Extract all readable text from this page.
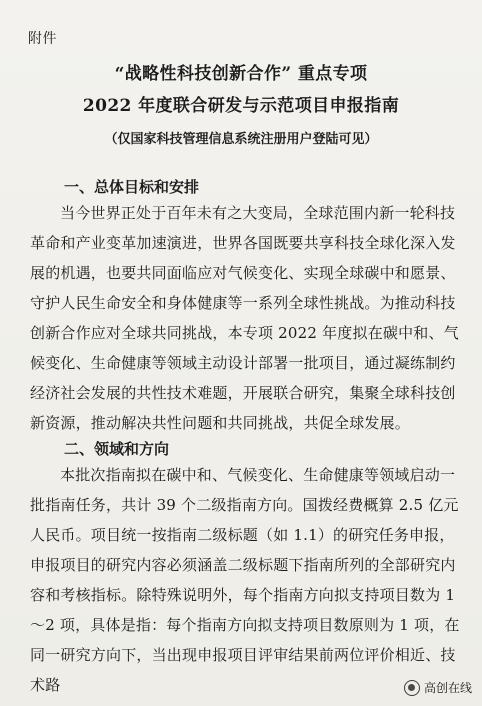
附件
“战略性科技创新合作” 重点专项
2022 年度联合研发与示范项目申报指南
（仅国家科技管理信息系统注册用户登陆可见）
一、总体目标和安排
当今世界正处于百年未有之大变局，全球范围内新一轮科技革命和产业变革加速演进，世界各国既要共享科技全球化深入发展的机遇，也要共同面临应对气候变化、实现全球碳中和愿景、守护人民生命安全和身体健康等一系列全球性挑战。为推动科技创新合作应对全球共同挑战，本专项 2022 年度拟在碳中和、气候变化、生命健康等领域主动设计部署一批项目，通过凝练制约经济社会发展的共性技术难题，开展联合研究，集聚全球科技创新资源，推动解决共性问题和共同挑战，共促全球发展。
二、领域和方向
本批次指南拟在碳中和、气候变化、生命健康等领域启动一批指南任务，共计 39 个二级指南方向。国拨经费概算 2.5 亿元人民币。项目统一按指南二级标题（如 1.1）的研究任务申报，申报项目的研究内容必须涵盖二级标题下指南所列的全部研究内容和考核指标。除特殊说明外，每个指南方向拟支持项目数为 1～2 项，具体是指：每个指南方向拟支持项目数原则为 1 项，在同一研究方向下，当出现申报项目评审结果前两位评价相近、技术路	高创在线
